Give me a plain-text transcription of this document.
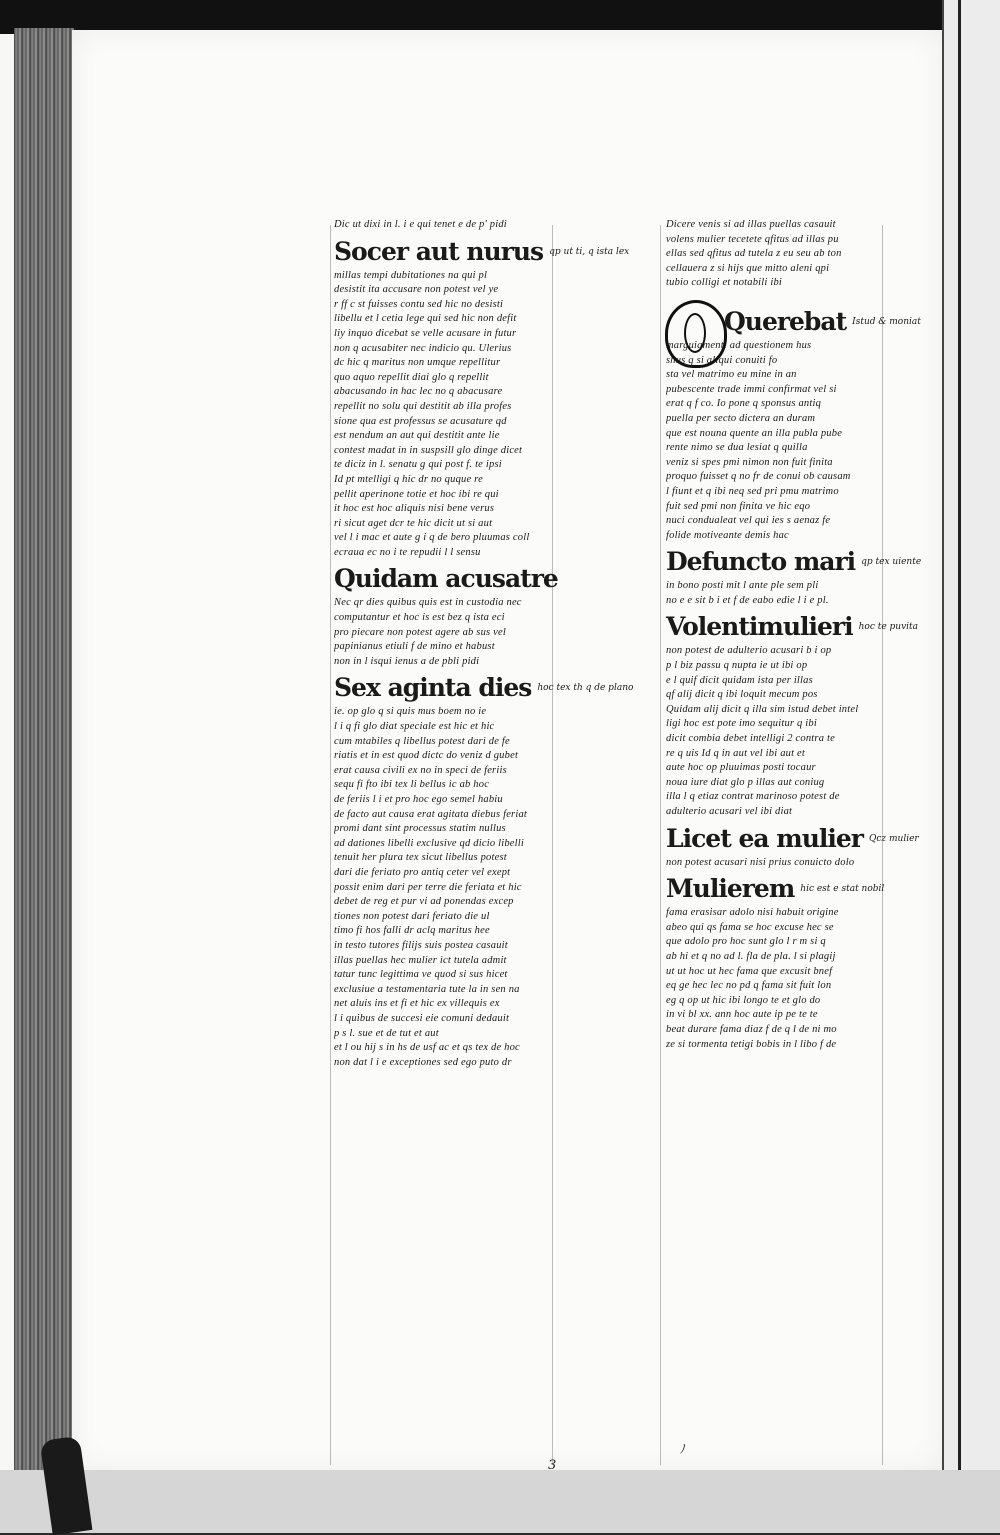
Dic ut dixi in l. i e qui tenet e de p' pidi
Socer aut nurus $^{qp ut ti, q ista lex}$
millas tempi dubitationes na qui pl
desistit ita accusare non potest vel ye
r ff c st fuisses contu sed hic no desisti
libellu et l cetia lege qui sed hic non defit
liy inquo dicebat se velle acusare in futur
non q acusabiter nec indicio qu. Ulerius
dc hic q maritus non umque repellitur
quo aquo repellit diai glo q repellit
abacusando in hac lec no q abacusare
repellit no solu qui destitit ab illa profes
sione qua est professus se acusature qd
est nendum an aut qui destitit ante lie
contest madat in in suspsill glo dinge dicet
te diciz in l. senatu g qui post f. te ipsi
Id pt mtelligi q hic dr no quque re
pellit aperinone totie et hoc ibi re qui
it hoc est hoc aliquis nisi bene verus
ri sicut aget dcr te hic dicit ut si aut
vel l i mac et aute g i q de bero pluumas coll
ecraua ec no i te repudii l l sensu
Quidam acusatre
Nec qr dies quibus quis est in custodia nec
computantur et hoc is est bez q ista eci
pro piecare non potest agere ab sus vel
papinianus etiuli f de mino et habust
non in l isqui ienus a de pbli pidi
Sex aginta dies $^{hoc tex th q de plano}$
ie. op glo q si quis mus boem no ie
l i q fi glo diat speciale est hic et hic
cum mtabiles q libellus potest dari de fe
riatis et in est quod dictc do veniz d gubet
erat causa civili ex no in speci de feriis
sequ fi fto ibi tex li bellus ic ab hoc
de feriis l i et pro hoc ego semel habiu
de facto aut causa erat agitata diebus feriat
promi dant sint processus statim nullus
ad dationes libelli exclusive qd dicio libelli
tenuit her plura tex sicut libellus potest
dari die feriato pro antiq ceter vel exept
possit enim dari per terre die feriata et hic
debet de reg et pur vi ad ponendas excep
tiones non potest dari feriato die ul
timo fi hos falli dr aclq maritus hee
in testo tutores filijs suis postea casauit
illas puellas hec mulier ict tutela admit
tatur tunc legittima ve quod si sus hicet
exclusiue a testamentaria tute la in sen na
net aluis ins et fi et hic ex villequis ex
l i quibus de succesi eie comuni dedauit
p s l. sue et de tut et aut
et l ou hij s in hs de usf ac et qs tex de hoc
non dat l i e exceptiones sed ego puto dr
Dicere venis si ad illas puellas casauit
volens mulier tecetete qfitus ad illas pu
ellas sed qfitus ad tutela z eu seu ab ton
cellauera z si hijs que mitto aleni qpi
tubio colligi et notabili ibi
Querebat $^{Istud \& moniat}$
marguiamenti ad questionem hus
shus q si aliqui conuiti fo
sta vel matrimo eu mine in an
pubescente trade immi confirmat vel si
erat q f co. Io pone q sponsus antiq
puella per secto dictera an duram
que est nouna quente an illa publa pube
rente nimo se dua lesiat q quilla
veniz si spes pmi nimon non fuit finita
proquo fuisset q no fr de conui ob causam
l fiunt et q ibi neq sed pri pmu matrimo
fuit sed pmi non finita ve hic eqo
nuci condualeat vel qui ies s aenaz fe
folide motiveante demis hac
Defuncto mari $^{qp tex uiente}$
in bono posti mit l ante ple sem pli
no e e sit b i et f de eabo edie l i e pl.
Volentimulieri $^{hoc te puvita}$
non potest de adulterio acusari b i op
p l biz passu q nupta ie ut ibi op
e l quif dicit quidam ista per illas
qf alij dicit q ibi loquit mecum pos
Quidam alij dicit q illa sim istud debet intel
ligi hoc est pote imo sequitur q ibi
dicit combia debet intelligi 2 contra te
re q uis Id q in aut vel ibi aut et
aute hoc op pluuimas posti tocaur
noua iure diat glo p illas aut coniug
illa l q etiaz contrat marinoso potest de
adulterio acusari vel ibi diat
Licet ea mulier $^{Qcz mulier}$
non potest acusari nisi prius conuicto dolo
Mulierem $^{hic est e stat nobil}$
fama erasisar adolo nisi habuit origine
abeo qui qs fama se hoc excuse hec se
que adolo pro hoc sunt glo l r m si q
ab hi et q no ad l. fla de pla. l si plagij
ut ut hoc ut hec fama que excusit bnef
eq ge hec lec no pd q fama sit fuit lon
eg q op ut hic ibi longo te et glo do
in vi bl xx. ann hoc aute ip pe te te
beat durare fama diaz f de q l de ni mo
ze si tormenta tetigi bobis in l libo f de
3
ﾉ
